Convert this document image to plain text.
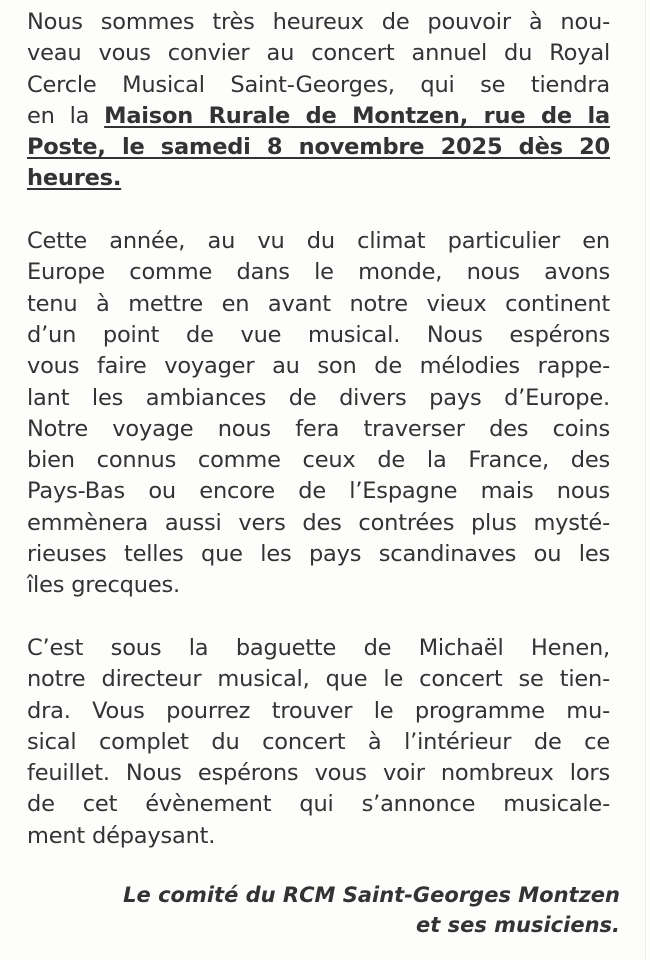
Nous sommes très heureux de pouvoir à nou-
veau vous convier au concert annuel du Royal
Cercle Musical Saint-Georges, qui se tiendra
en la Maison Rurale de Montzen, rue de la
Poste, le samedi 8 novembre 2025 dès 20
heures.
Cette année, au vu du climat particulier en
Europe comme dans le monde, nous avons
tenu à mettre en avant notre vieux continent
d’un point de vue musical. Nous espérons
vous faire voyager au son de mélodies rappe-
lant les ambiances de divers pays d’Europe.
Notre voyage nous fera traverser des coins
bien connus comme ceux de la France, des
Pays-Bas ou encore de l’Espagne mais nous
emmènera aussi vers des contrées plus mysté-
rieuses telles que les pays scandinaves ou les
îles grecques.
C’est sous la baguette de Michaël Henen,
notre directeur musical, que le concert se tien-
dra. Vous pourrez trouver le programme mu-
sical complet du concert à l’intérieur de ce
feuillet. Nous espérons vous voir nombreux lors
de cet évènement qui s’annonce musicale-
ment dépaysant.
Le comité du RCM Saint-Georges Montzen
et ses musiciens.
